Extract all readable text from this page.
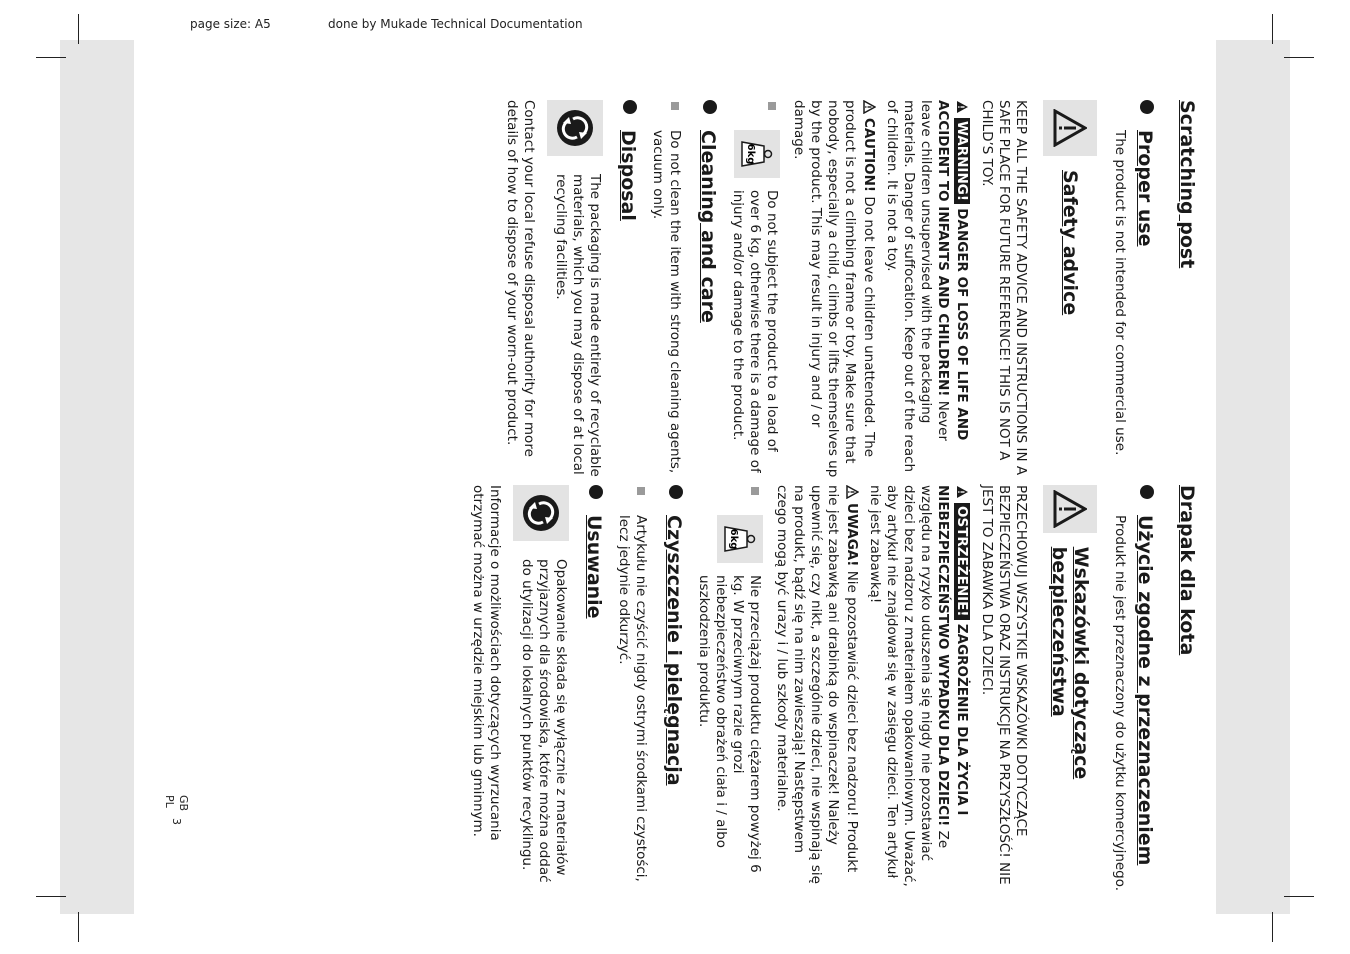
page size: A5	done by Mukade Technical Documentation
Scratching post
Proper use
The product is not intended for commercial use.
Safety advice
KEEP ALL THE SAFETY ADVICE AND INSTRUCTIONS IN A SAFE PLACE FOR FUTURE REFERENCE! THIS IS NOT A CHILD’S TOY.
WARNING! DANGER OF LOSS OF LIFE AND ACCIDENT TO INFANTS AND CHILDREN! Never leave children unsupervised with the packaging materials. Danger of suffocation. Keep out of the reach of children. It is not a toy.
CAUTION! Do not leave children unattended. The product is not a climbing frame or toy. Make sure that nobody, especially a child, climbs or lifts themselves up by the product. This may result in injury and / or damage.
6kg
Do not subject the product to a load of over 6 kg, otherwise there is a damage of injury and/or damage to the product.
Cleaning and care
Do not clean the item with strong cleaning agents, vacuum only.
Disposal
The packaging is made entirely of recyclable materials, which you may dispose of at local recycling facilities.
Contact your local refuse disposal authority for more details of how to dispose of your worn-out product.
Drapak dla kota
Użycie zgodne z przeznaczeniem
Produkt nie jest przeznaczony do użytku komercyjnego.
Wskazówki dotyczące bezpieczeństwa
PRZECHOWUJ WSZYSTKIE WSKAZÓWKI DOTYCZĄCE BEZPIECZEŃSTWA ORAZ INSTRUKCJE NA PRZYSZŁOŚĆ! NIE JEST TO ZABAWKA DLA DZIECI.
OSTRZEŻENIE! ZAGROŻENIE DLA ŻYCIA I NIEBEZPIECZEŃSTWO WYPADKU DLA DZIECI! Ze względu na ryzyko uduszenia się nigdy nie pozostawiać dzieci bez nadzoru z materiałem opakowaniowym. Uważać, aby artykuł nie znajdował się w zasięgu dzieci. Ten artykuł nie jest zabawką!
UWAGA! Nie pozostawiać dzieci bez nadzoru! Produkt nie jest zabawką ani drabinką do wspinaczek! Należy upewnić się, czy nikt, a szczególnie dzieci, nie wspinają się na produkt, bądź się na nim zawieszają! Następstwem czego mogą być urazy i / lub szkody materialne.
6kg
Nie przeciążaj produktu ciężarem powyżej 6 kg. W przeciwnym razie grozi niebezpieczeństwo obrażeń ciała i / albo uszkodzenia produktu.
Czyszczenie i pielęgnacja
Artykułu nie czyścić nigdy ostrymi środkami czystości, lecz jedynie odkurzyć.
Usuwanie
Opakowanie składa się wyłącznie z materiałów przyjaznych dla środowiska, które można oddać do utylizacji do lokalnych punktów recyklingu.
Informacje o możliwościach dotyczących wyrzucania otrzymać można w urzędzie miejskim lub gminnym.
GB
PL
3
